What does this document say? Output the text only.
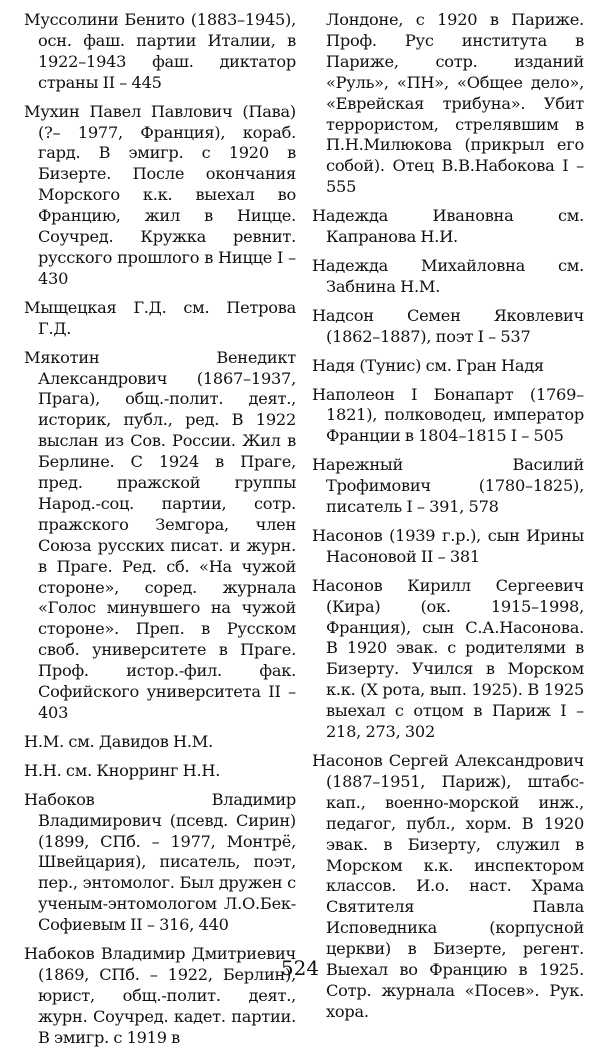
Муссолини Бенито (1883–1945), осн. фаш. партии Италии, в 1922–1943 фаш. диктатор страны II – 445

Мухин Павел Павлович (Пава) (?– 1977, Франция), кораб. гард. В эмигр. с 1920 в Бизерте. После окончания Морского к.к. выехал во Францию, жил в Ницце. Соучред. Кружка ревнит. русского прошлого в Ницце I – 430

Мыщецкая Г.Д. см. Петрова Г.Д.

Мякотин Венедикт Александрович (1867–1937, Прага), общ.-полит. деят., историк, публ., ред. В 1922 выслан из Сов. России. Жил в Берлине. С 1924 в Праге, пред. пражской группы Народ.-соц. партии, сотр. пражского Земгора, член Союза русских писат. и журн. в Праге. Ред. сб. «На чужой стороне», соред. журнала «Голос минувшего на чужой стороне». Преп. в Русском своб. университете в Праге. Проф. истор.-фил. фак. Софийского университета II – 403

Н.М. см. Давидов Н.М.

Н.Н. см. Кнорринг Н.Н.

Набоков Владимир Владимирович (псевд. Сирин) (1899, СПб. – 1977, Монтрё, Швейцария), писатель, поэт, пер., энтомолог. Был дружен с ученым-энтомологом Л.О.Бек-Софиевым II – 316, 440

Набоков Владимир Дмитриевич (1869, СПб. – 1922, Берлин), юрист, общ.-полит. деят., журн. Соучред. кадет. партии. В эмигр. с 1919 в

Лондоне, с 1920 в Париже. Проф. Рус института в Париже, сотр. изданий «Руль», «ПН», «Общее дело», «Еврейская трибуна». Убит террористом, стрелявшим в П.Н.Милюкова (прикрыл его собой). Отец В.В.Набокова I – 555

Надежда Ивановна см. Капранова Н.И.

Надежда Михайловна см. Забнина Н.М.

Надсон Семен Яковлевич (1862–1887), поэт I – 537

Надя (Тунис) см. Гран Надя

Наполеон I Бонапарт (1769–1821), полководец, император Франции в 1804–1815 I – 505

Нарежный Василий Трофимович (1780–1825), писатель I – 391, 578

Насонов (1939 г.р.), сын Ирины Насоновой II – 381

Насонов Кирилл Сергеевич (Кира) (ок. 1915–1998, Франция), сын С.А.Насонова. В 1920 эвак. с родителями в Бизерту. Учился в Морском к.к. (X рота, вып. 1925). В 1925 выехал с отцом в Париж I – 218, 273, 302

Насонов Сергей Александрович (1887–1951, Париж), штабс-кап., военно-морской инж., педагог, публ., хорм. В 1920 эвак. в Бизерту, служил в Морском к.к. инспектором классов. И.о. наст. Храма Святителя Павла Исповедника (корпусной церкви) в Бизерте, регент. Выехал во Францию в 1925. Сотр. журнала «Посев». Рук. хора.

524
